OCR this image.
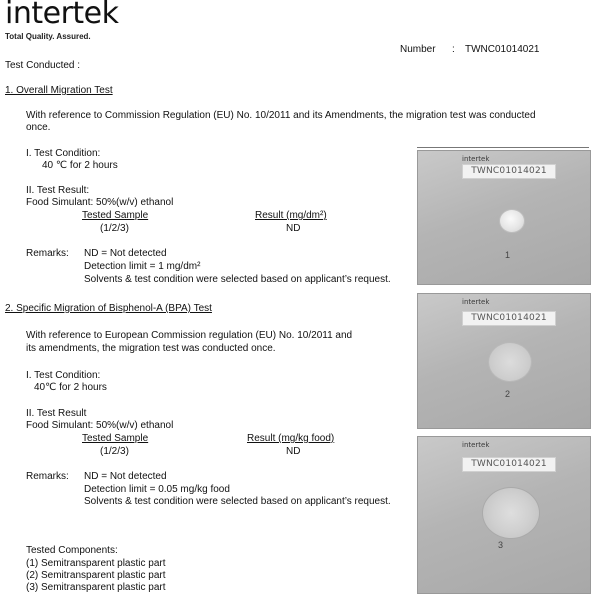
intertek
Total Quality. Assured.
Number : TWNC01014021
Test Conducted :
1. Overall Migration Test
With reference to Commission Regulation (EU) No. 10/2011 and its Amendments, the migration test was conducted
once.
I. Test Condition:
40 ℃ for 2 hours
II. Test Result:
Food Simulant: 50%(w/v) ethanol
Tested Sample	Result (mg/dm²)
(1/2/3)	ND
Remarks: ND = Not detected
Detection limit = 1 mg/dm²
Solvents & test condition were selected based on applicant’s request.
2. Specific Migration of Bisphenol-A (BPA) Test
With reference to European Commission regulation (EU) No. 10/2011 and
its amendments, the migration test was conducted once.
I. Test Condition:
40℃ for 2 hours
II. Test Result
Food Simulant: 50%(w/v) ethanol
Tested Sample	Result (mg/kg food)
(1/2/3)	ND
Remarks: ND = Not detected
Detection limit = 0.05 mg/kg food
Solvents & test condition were selected based on applicant’s request.
Tested Components:
(1) Semitransparent plastic part
(2) Semitransparent plastic part
(3) Semitransparent plastic part
intertek
TWNC01014021
1
intertek
TWNC01014021
2
intertek
TWNC01014021
3
